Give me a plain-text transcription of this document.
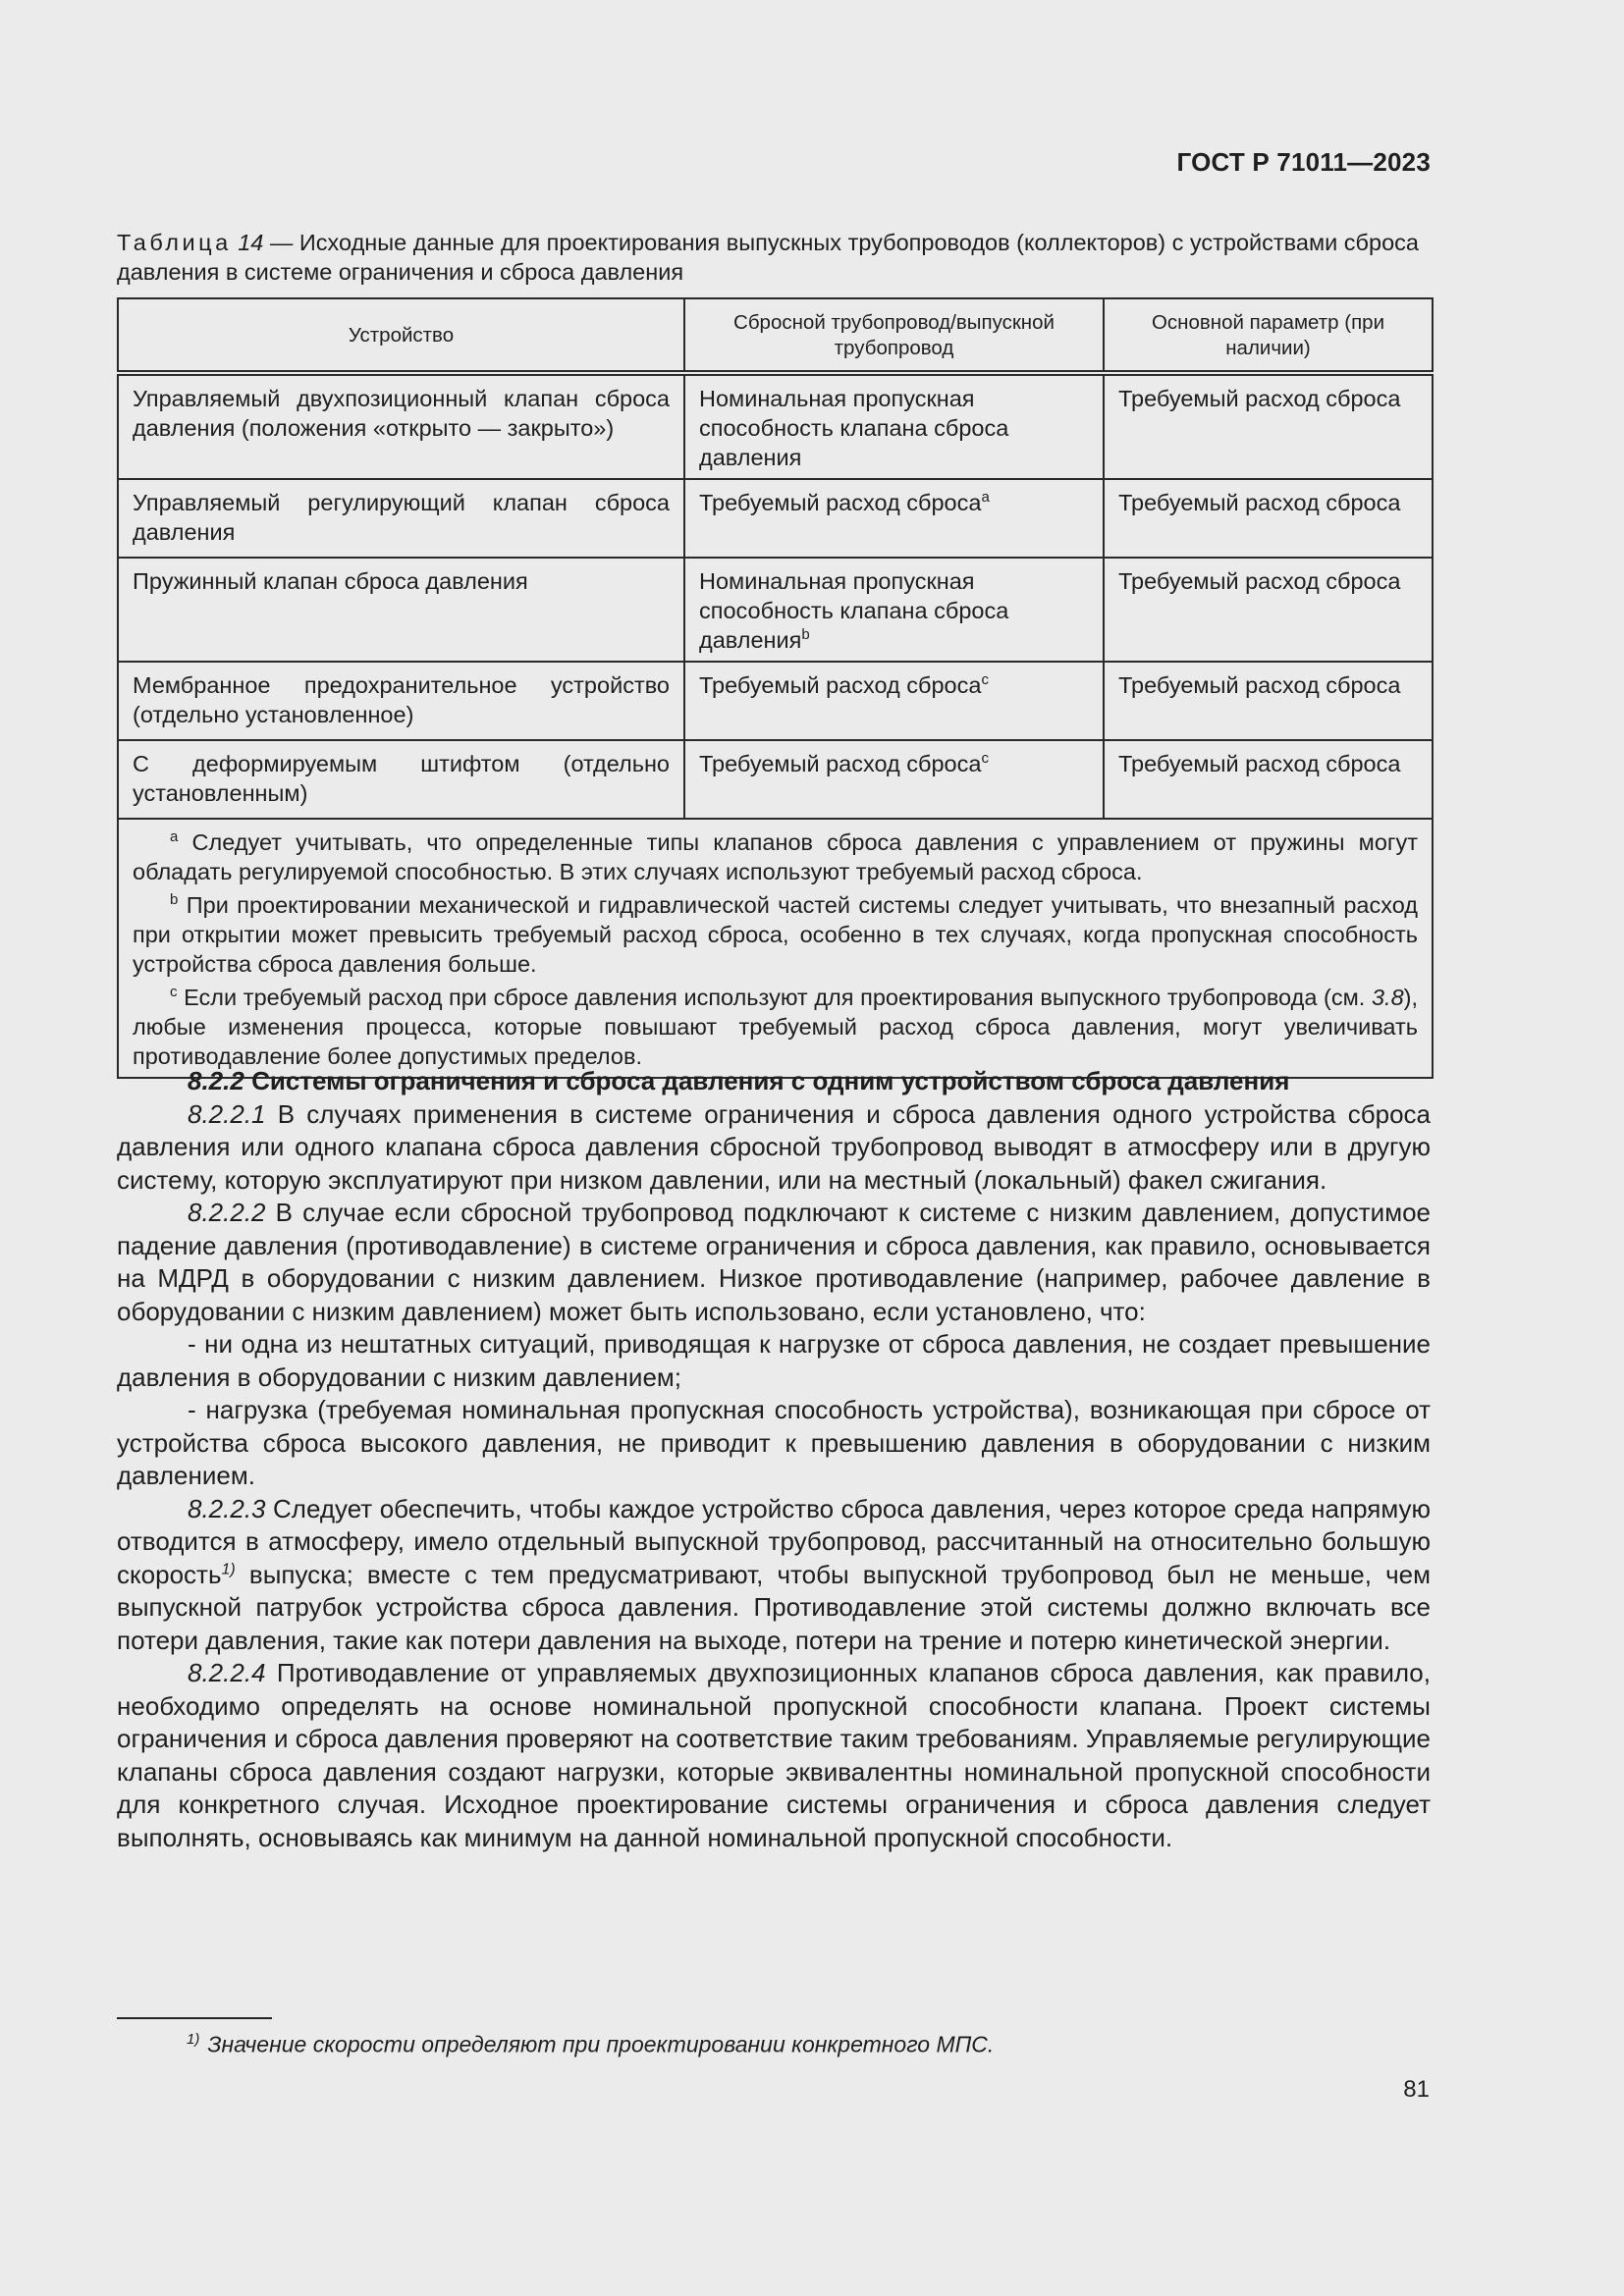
ГОСТ Р 71011—2023
Таблица 14 — Исходные данные для проектирования выпускных трубопроводов (коллекторов) с устройствами сброса давления в системе ограничения и сброса давления
Устройство	Сбросной трубопровод/выпускной трубопровод	Основной параметр (при наличии)
Управляемый двухпозиционный клапан сброса давления (положения «открыто — закрыто»)	Номинальная пропускная способность клапана сброса давления	Требуемый расход сброса
Управляемый регулирующий клапан сброса давления	Требуемый расход сброса$^a$	Требуемый расход сброса
Пружинный клапан сброса давления	Номинальная пропускная способность клапана сброса давления$^b$	Требуемый расход сброса
Мембранное предохранительное устройство (отдельно установленное)	Требуемый расход сброса$^c$	Требуемый расход сброса
С деформируемым штифтом (отдельно установленным)	Требуемый расход сброса$^c$	Требуемый расход сброса

$^a$ Следует учитывать, что определенные типы клапанов сброса давления с управлением от пружины могут обладать регулируемой способностью. В этих случаях используют требуемый расход сброса.

$^b$ При проектировании механической и гидравлической частей системы следует учитывать, что внезапный расход при открытии может превысить требуемый расход сброса, особенно в тех случаях, когда пропускная способность устройства сброса давления больше.

$^c$ Если требуемый расход при сбросе давления используют для проектирования выпускного трубопровода (см. 3.8), любые изменения процесса, которые повышают требуемый расход сброса давления, могут увеличивать противодавление более допустимых пределов.		

8.2.2 Системы ограничения и сброса давления с одним устройством сброса давления

8.2.2.1 В случаях применения в системе ограничения и сброса давления одного устройства сброса давления или одного клапана сброса давления сбросной трубопровод выводят в атмосферу или в другую систему, которую эксплуатируют при низком давлении, или на местный (локальный) факел сжигания.

8.2.2.2 В случае если сбросной трубопровод подключают к системе с низким давлением, допустимое падение давления (противодавление) в системе ограничения и сброса давления, как правило, основывается на МДРД в оборудовании с низким давлением. Низкое противодавление (например, рабочее давление в оборудовании с низким давлением) может быть использовано, если установлено, что:

- ни одна из нештатных ситуаций, приводящая к нагрузке от сброса давления, не создает превышение давления в оборудовании с низким давлением;

- нагрузка (требуемая номинальная пропускная способность устройства), возникающая при сбросе от устройства сброса высокого давления, не приводит к превышению давления в оборудовании с низким давлением.

8.2.2.3 Следует обеспечить, чтобы каждое устройство сброса давления, через которое среда напрямую отводится в атмосферу, имело отдельный выпускной трубопровод, рассчитанный на относительно большую скорость$^{1)}$ выпуска; вместе с тем предусматривают, чтобы выпускной трубопровод был не меньше, чем выпускной патрубок устройства сброса давления. Противодавление этой системы должно включать все потери давления, такие как потери давления на выходе, потери на трение и потерю кинетической энергии.

8.2.2.4 Противодавление от управляемых двухпозиционных клапанов сброса давления, как правило, необходимо определять на основе номинальной пропускной способности клапана. Проект системы ограничения и сброса давления проверяют на соответствие таким требованиям. Управляемые регулирующие клапаны сброса давления создают нагрузки, которые эквивалентны номинальной пропускной способности для конкретного случая. Исходное проектирование системы ограничения и сброса давления следует выполнять, основываясь как минимум на данной номинальной пропускной способности.

$^{1)}$ Значение скорости определяют при проектировании конкретного МПС.
81
